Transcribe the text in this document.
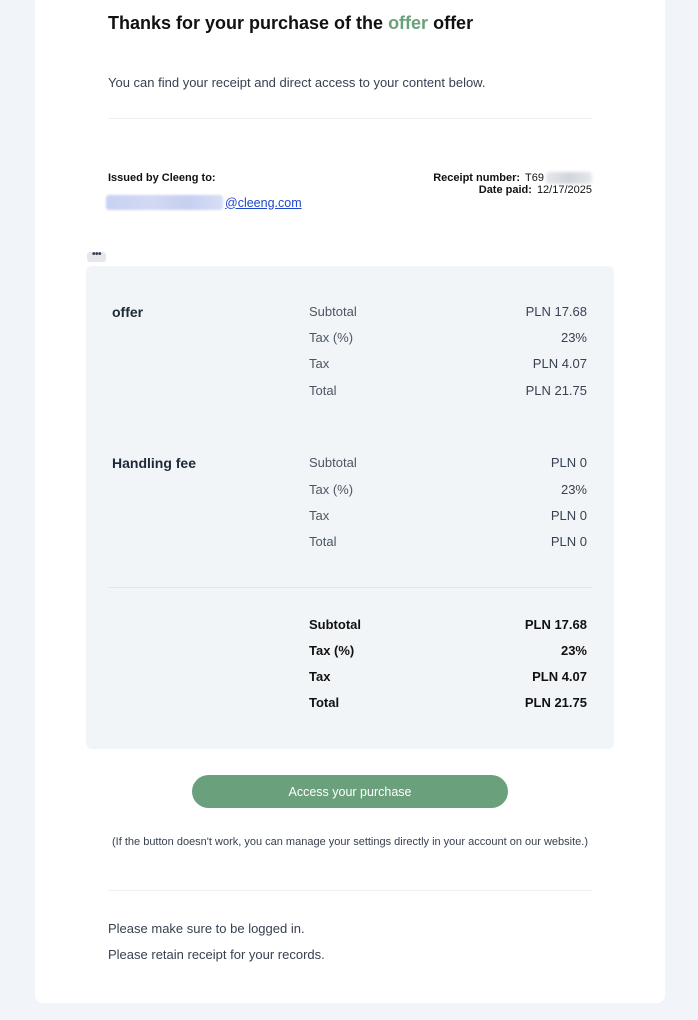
Thanks for your purchase of the offer offer

You can find your receipt and direct access to your content below.

Issued by Cleeng to:
@cleeng.com
Receipt number: T69
Date paid: 12/17/2025
•••
offer	Subtotal	PLN 17.68
Tax (%)	23%
Tax	PLN 4.07
Total	PLN 21.75
Handling fee	Subtotal	PLN 0
Tax (%)	23%
Tax	PLN 0
Total	PLN 0
Subtotal	PLN 17.68
Tax (%)	23%
Tax	PLN 4.07
Total	PLN 21.75
Access your purchase

(If the button doesn't work, you can manage your settings directly in your account on our website.)

Please make sure to be logged in.

Please retain receipt for your records.
